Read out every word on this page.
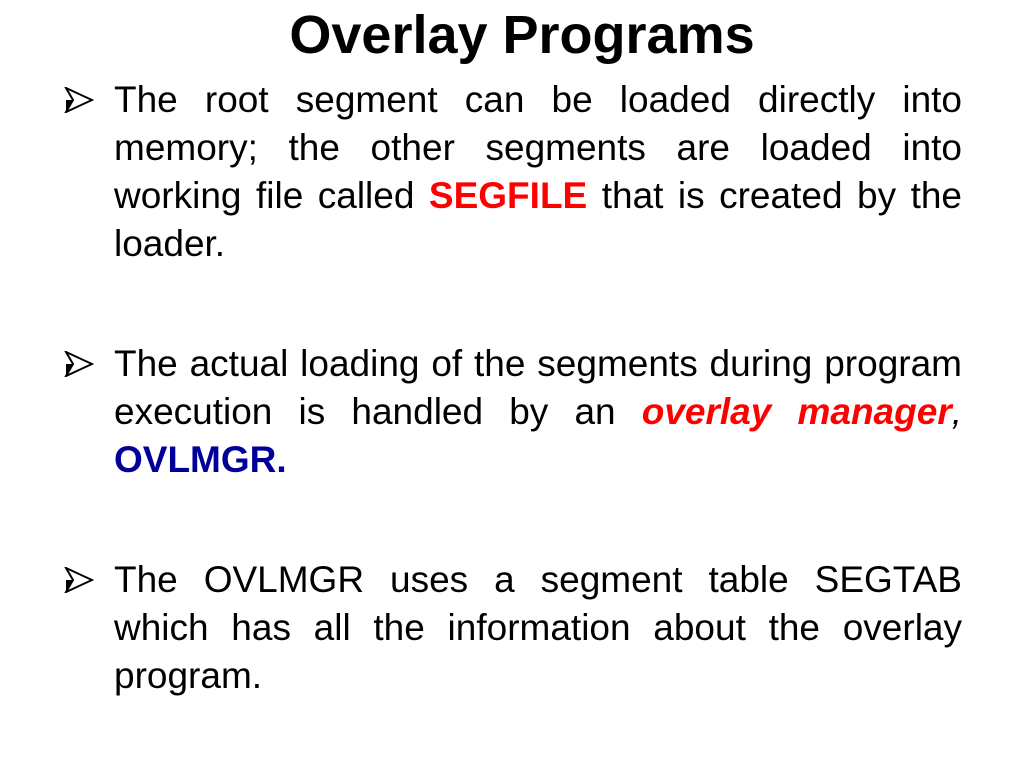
Overlay Programs
The root segment can be loaded directly into memory; the other segments are loaded into working file called SEGFILE that is created by the loader.
The actual loading of the segments during program execution is handled by an overlay manager, OVLMGR.
The OVLMGR uses a segment table SEGTAB which has all the information about the overlay program.
